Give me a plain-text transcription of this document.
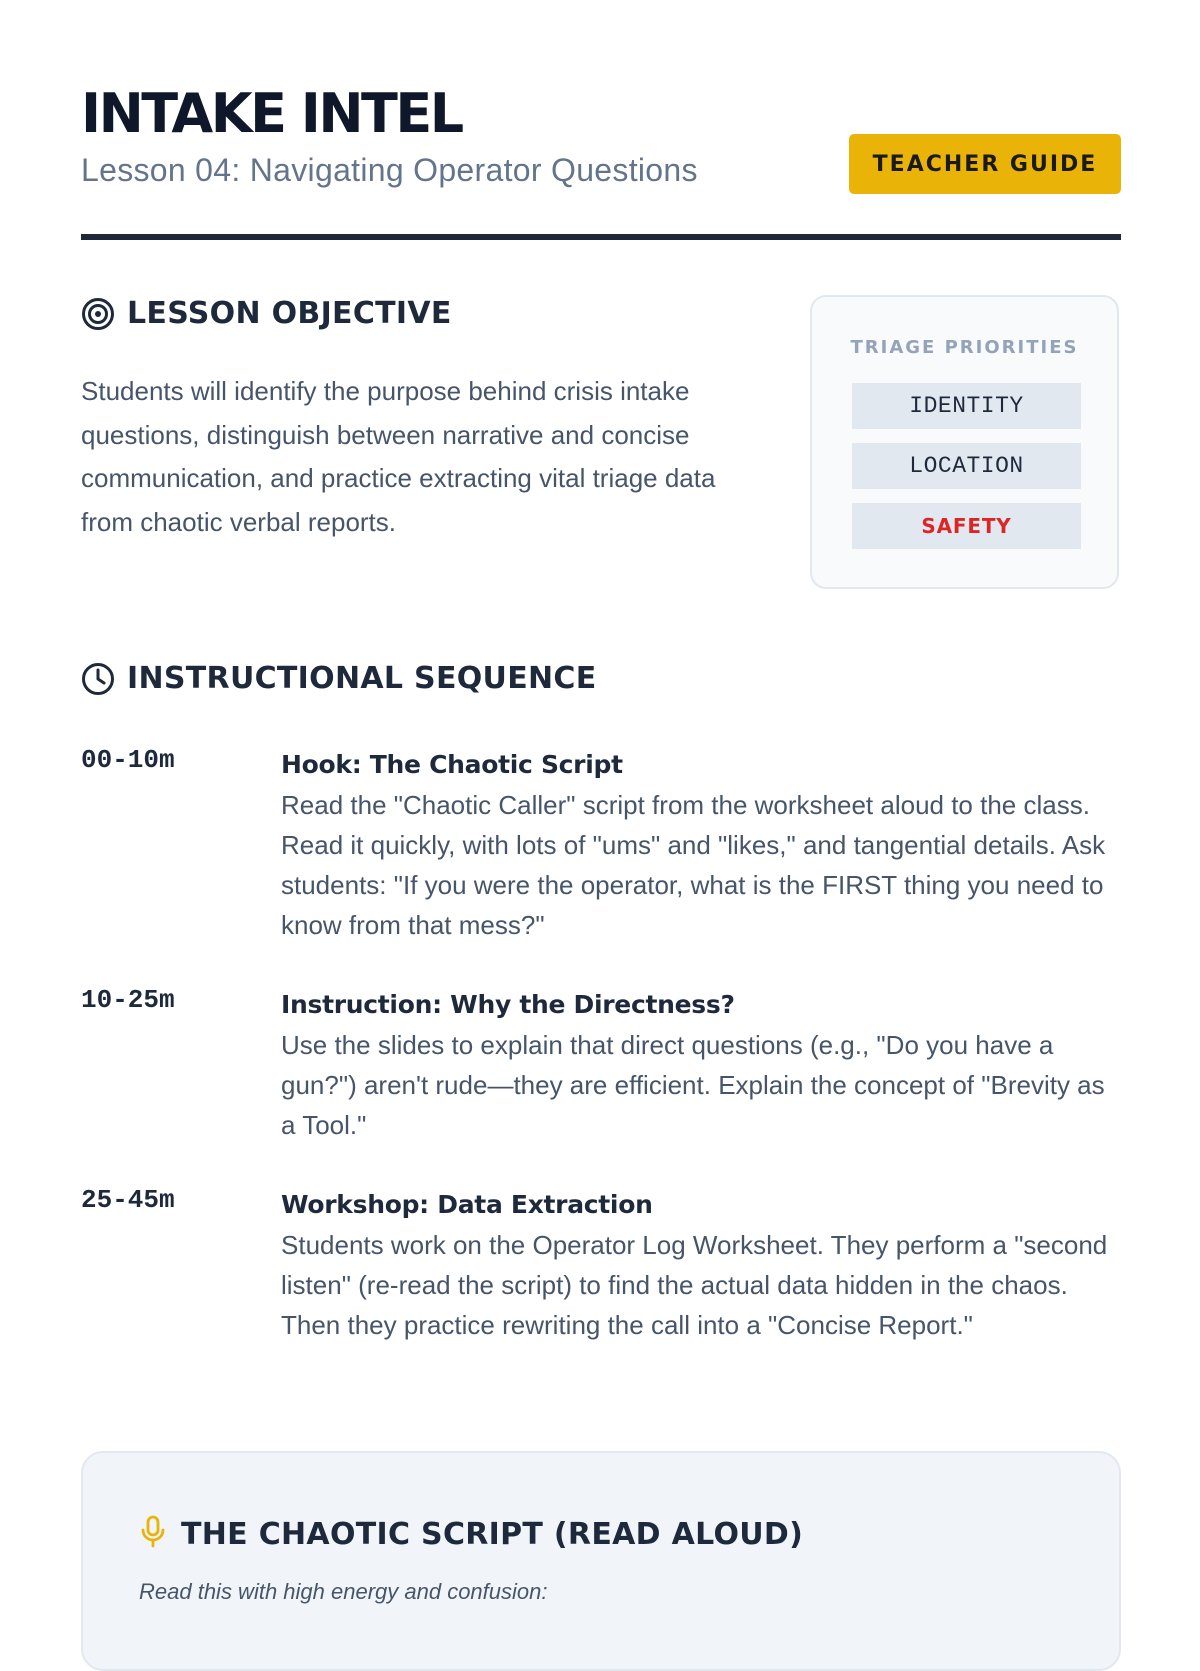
INTAKE INTEL

Lesson 04: Navigating Operator Questions	TEACHER GUIDE
LESSON OBJECTIVE

Students will identify the purpose behind crisis intake questions, distinguish between narrative and concise communication, and practice extracting vital triage data from chaotic verbal reports.

TRIAGE PRIORITIES
IDENTITY
LOCATION
SAFETY
INSTRUCTIONAL SEQUENCE
00-10m	Hook: The Chaotic Script

Read the "Chaotic Caller" script from the worksheet aloud to the class. Read it quickly, with lots of "ums" and "likes," and tangential details. Ask students: "If you were the operator, what is the FIRST thing you need to know from that mess?"

10-25m	Instruction: Why the Directness?

Use the slides to explain that direct questions (e.g., "Do you have a gun?") aren't rude—they are efficient. Explain the concept of "Brevity as a Tool."

25-45m	Workshop: Data Extraction

Students work on the Operator Log Worksheet. They perform a "second listen" (re-read the script) to find the actual data hidden in the chaos. Then they practice rewriting the call into a "Concise Report."

THE CHAOTIC SCRIPT (READ ALOUD)

Read this with high energy and confusion:
